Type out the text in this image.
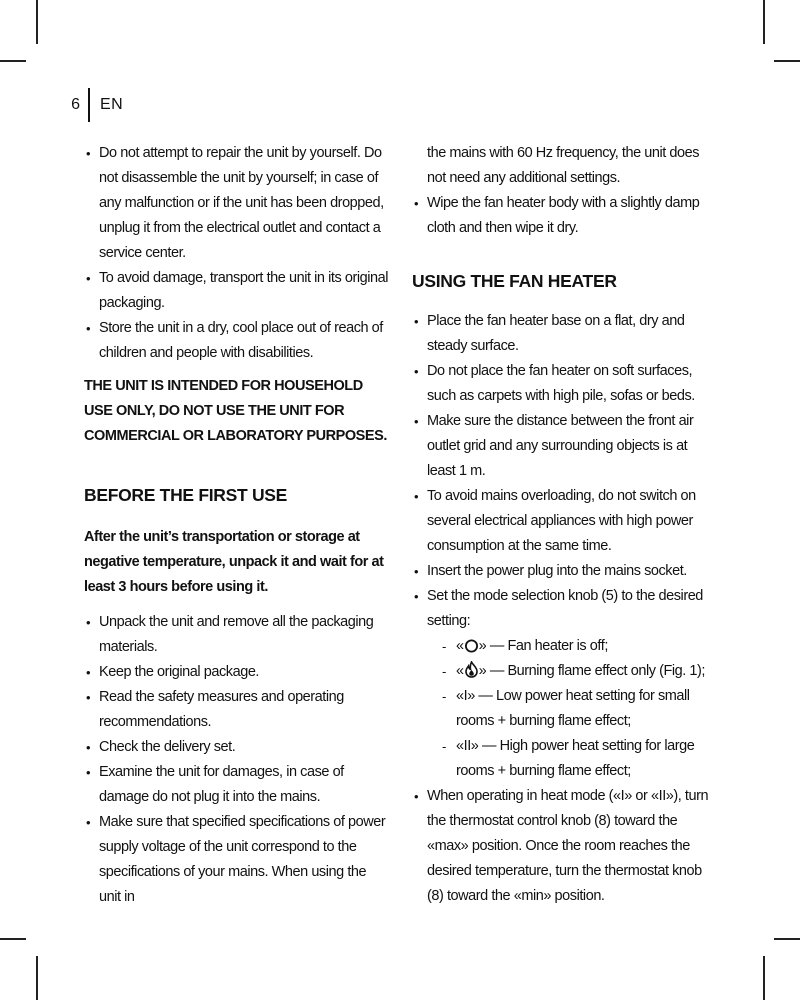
6 EN
• Do not attempt to repair the unit by yourself. Do not disassemble the unit by yourself; in case of any malfunction or if the unit has been dropped, unplug it from the electrical outlet and contact a service center.
• To avoid damage, transport the unit in its original packaging.
• Store the unit in a dry, cool place out of reach of children and people with disabilities.
THE UNIT IS INTENDED FOR HOUSEHOLD USE ONLY, DO NOT USE THE UNIT FOR COMMERCIAL OR LABORATORY PURPOSES.
BEFORE THE FIRST USE
After the unit’s transportation or storage at negative temperature, unpack it and wait for at least 3 hours before using it.
• Unpack the unit and remove all the packaging materials.
• Keep the original package.
• Read the safety measures and operating recommendations.
• Check the delivery set.
• Examine the unit for damages, in case of damage do not plug it into the mains.
• Make sure that specified specifications of power supply voltage of the unit correspond to the specifications of your mains. When using the unit in
the mains with 60 Hz frequency, the unit does not need any additional settings.
• Wipe the fan heater body with a slightly damp cloth and then wipe it dry.
USING THE FAN HEATER
• Place the fan heater base on a flat, dry and steady surface.
• Do not place the fan heater on soft surfaces, such as carpets with high pile, sofas or beds.
• Make sure the distance between the front air outlet grid and any surrounding objects is at least 1 m.
• To avoid mains overloading, do not switch on several electrical appliances with high power consumption at the same time.
• Insert the power plug into the mains socket.
• Set the mode selection knob (5) to the desired setting:
- « » — Fan heater is off;
- « » — Burning flame effect only (Fig. 1);
- «I» — Low power heat setting for small rooms + burning flame effect;
- «II» — High power heat setting for large rooms + burning flame effect;
• When operating in heat mode («I» or «II»), turn the thermostat control knob (8) toward the «max» position. Once the room reaches the desired temperature, turn the thermostat knob (8) toward the «min» position.
